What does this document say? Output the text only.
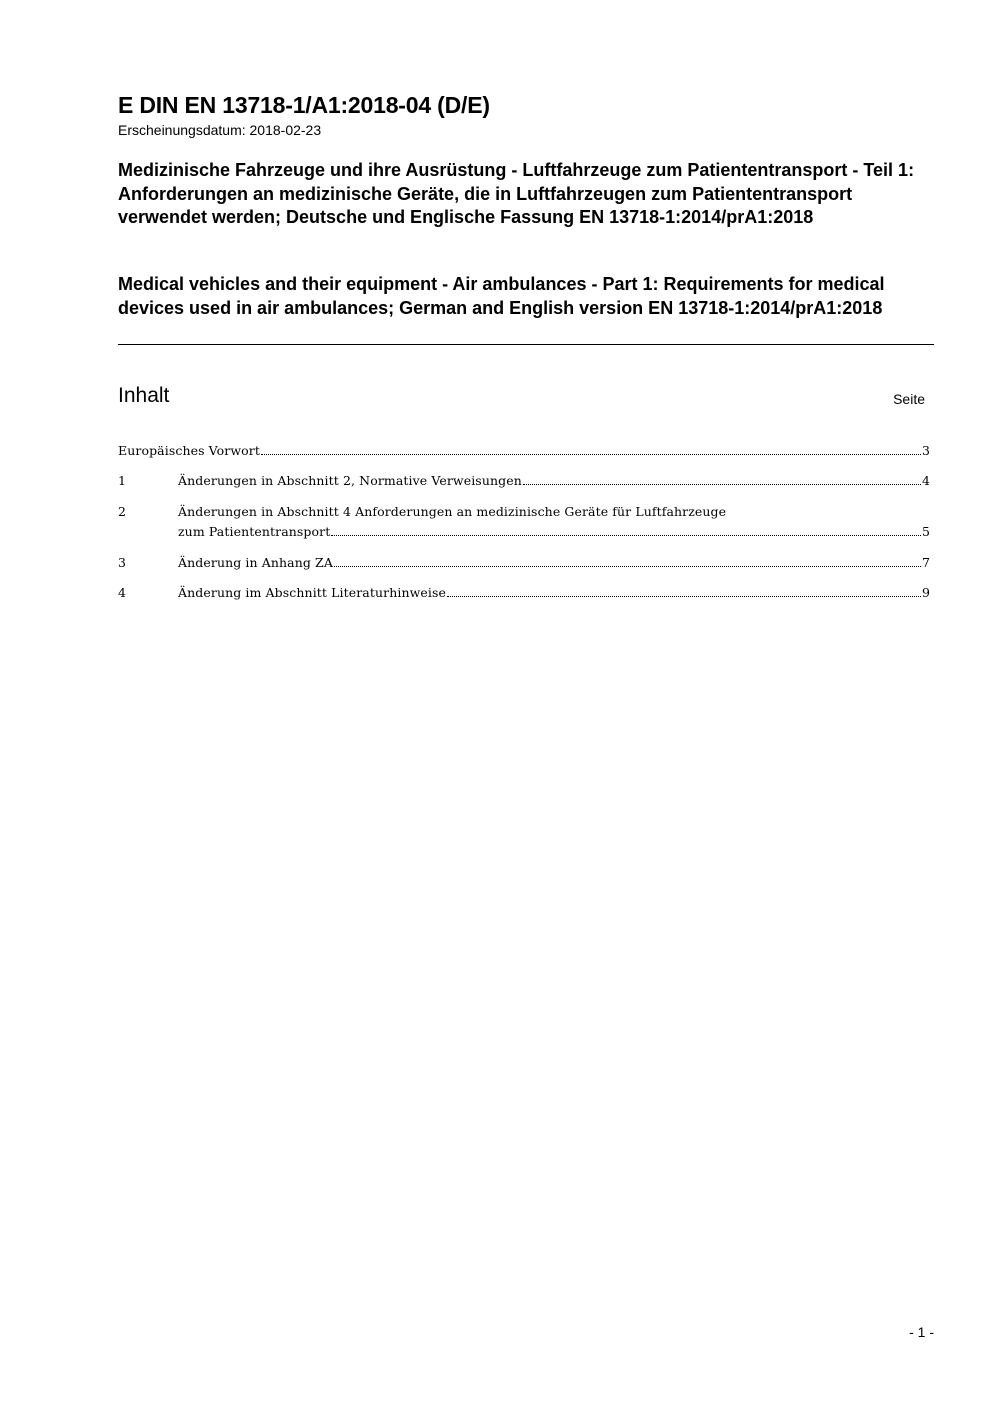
E DIN EN 13718-1/A1:2018-04 (D/E)
Erscheinungsdatum: 2018-02-23
Medizinische Fahrzeuge und ihre Ausrüstung - Luftfahrzeuge zum Patiententransport - Teil 1: Anforderungen an medizinische Geräte, die in Luftfahrzeugen zum Patiententransport verwendet werden; Deutsche und Englische Fassung EN 13718-1:2014/prA1:2018
Medical vehicles and their equipment - Air ambulances - Part 1: Requirements for medical devices used in air ambulances; German and English version EN 13718-1:2014/prA1:2018
Inhalt	Seite
Europäisches Vorwort	3
1	Änderungen in Abschnitt 2, Normative Verweisungen	4
2	Änderungen in Abschnitt 4 Anforderungen an medizinische Geräte für Luftfahrzeuge
zum Patiententransport	5
3	Änderung in Anhang ZA	7
4	Änderung im Abschnitt Literaturhinweise	9
- 1 -
